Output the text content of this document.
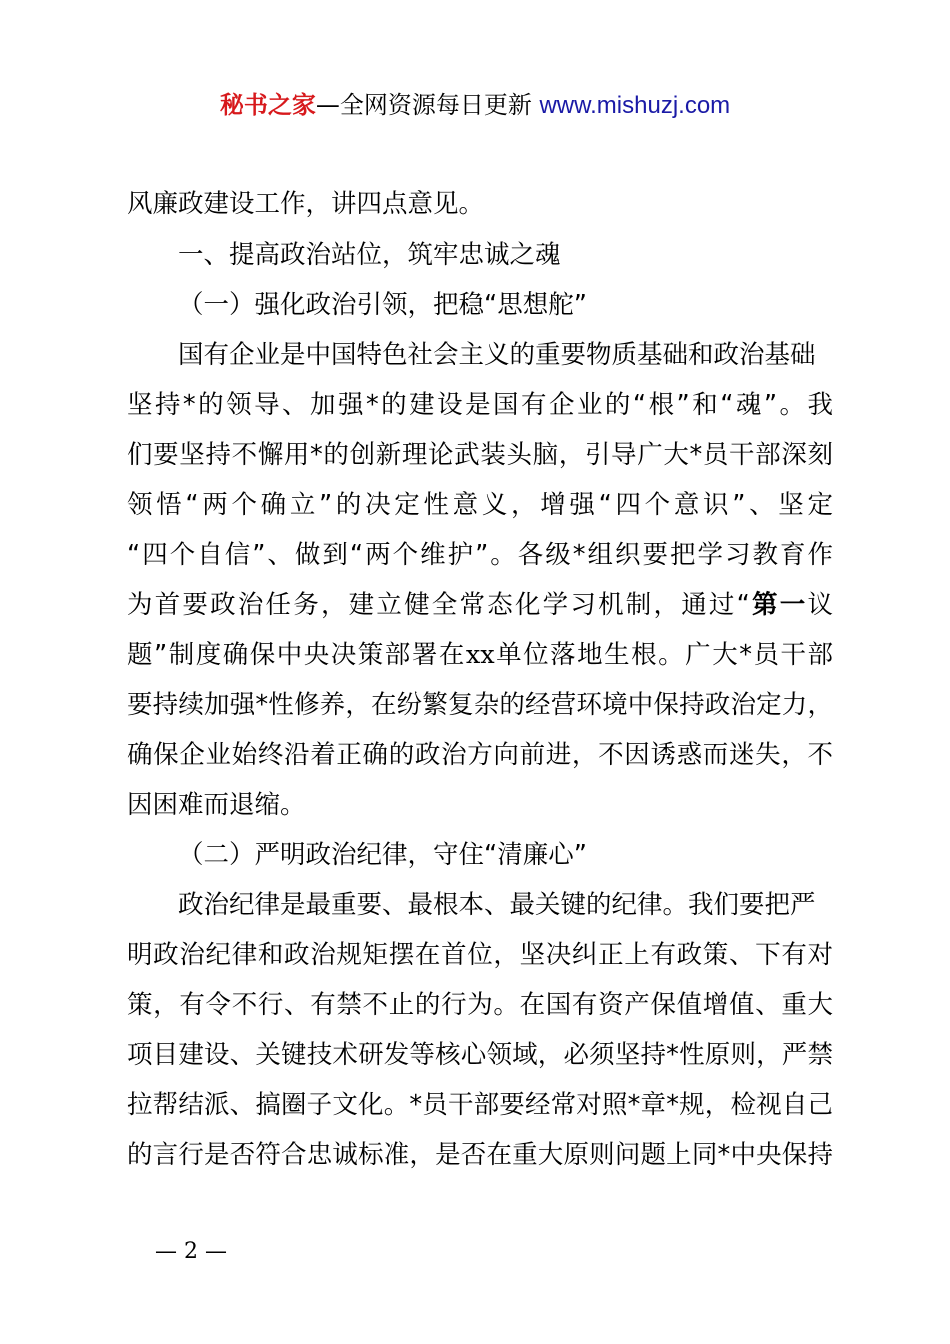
秘书之家—全网资源每日更新 www.mishuzj.com
风廉政建设工作，讲四点意见。
一、提高政治站位，筑牢忠诚之魂
（一）强化政治引领，把稳“思想舵”
国有企业是中国特色社会主义的重要物质基础和政治基础
坚持*的领导、加强*的建设是国有企业的“根”和“魂”。我
们要坚持不懈用*的创新理论武装头脑，引导广大*员干部深刻
领悟“两个确立”的决定性意义，增强“四个意识”、坚定
“四个自信”、做到“两个维护”。各级*组织要把学习教育作
为首要政治任务，建立健全常态化学习机制，通过“第一议
题”制度确保中央决策部署在xx单位落地生根。广大*员干部
要持续加强*性修养，在纷繁复杂的经营环境中保持政治定力，
确保企业始终沿着正确的政治方向前进，不因诱惑而迷失，不
因困难而退缩。
（二）严明政治纪律，守住“清廉心”
政治纪律是最重要、最根本、最关键的纪律。我们要把严
明政治纪律和政治规矩摆在首位，坚决纠正上有政策、下有对
策，有令不行、有禁不止的行为。在国有资产保值增值、重大
项目建设、关键技术研发等核心领域，必须坚持*性原则，严禁
拉帮结派、搞圈子文化。*员干部要经常对照*章*规，检视自己
的言行是否符合忠诚标准，是否在重大原则问题上同*中央保持
— 2 —
